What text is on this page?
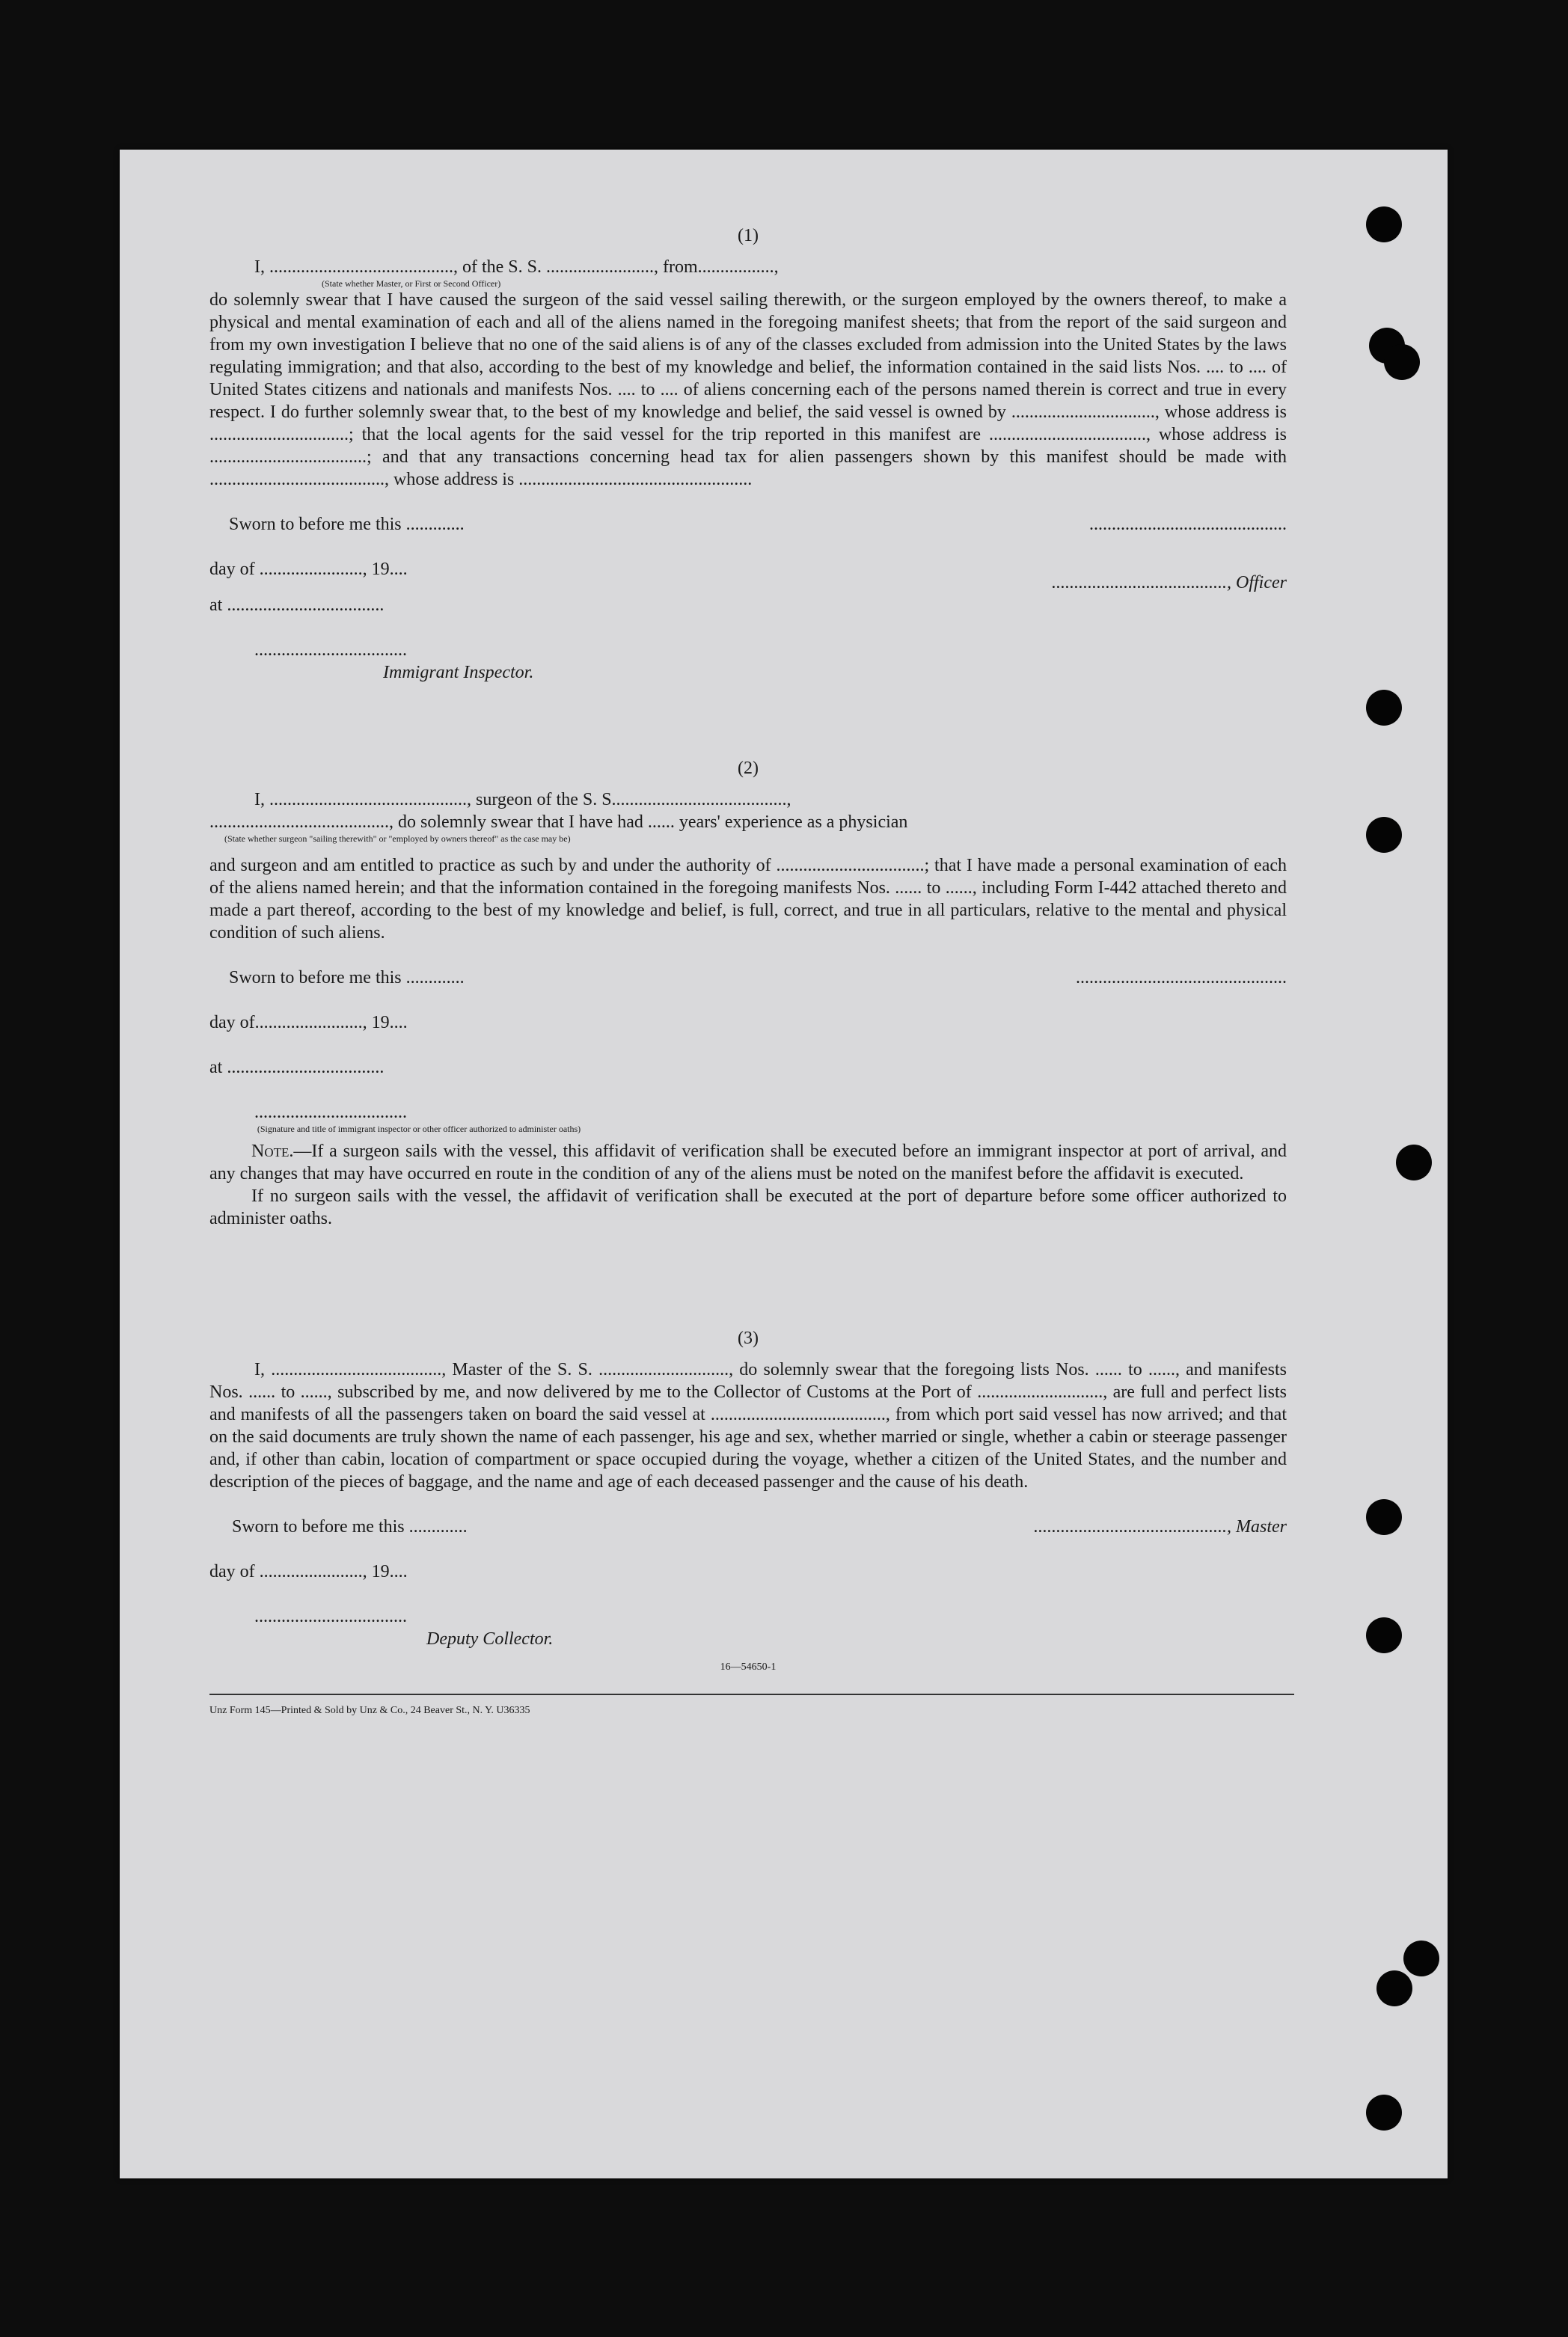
(1)
I, ........................................., of the S. S. ........................, from.................,
(State whether Master, or First or Second Officer)

do solemnly swear that I have caused the surgeon of the said vessel sailing therewith, or the surgeon employed by the owners thereof, to make a physical and mental examination of each and all of the aliens named in the foregoing manifest sheets; that from the report of the said surgeon and from my own investigation I believe that no one of the said aliens is of any of the classes excluded from admission into the United States by the laws regulating immigration; and that also, according to the best of my knowledge and belief, the information contained in the said lists Nos. .... to .... of United States citizens and nationals and manifests Nos. .... to .... of aliens concerning each of the persons named therein is correct and true in every respect. I do further solemnly swear that, to the best of my knowledge and belief, the said vessel is owned by ................................, whose address is ...............................; that the local agents for the said vessel for the trip reported in this manifest are ..................................., whose address is ...................................; and that any transactions concerning head tax for alien passengers shown by this manifest should be made with ......................................., whose address is ....................................................

Sworn to before me this .............	............................................
day of ......................., 19....
......................................., Officer
at ...................................
..................................
Immigrant Inspector.
(2)
I, ............................................, surgeon of the S. S.......................................,
........................................, do solemnly swear that I have had ...... years' experience as a physician
(State whether surgeon "sailing therewith" or "employed by owners thereof" as the case may be)

and surgeon and am entitled to practice as such by and under the authority of .................................; that I have made a personal examination of each of the aliens named herein; and that the information contained in the foregoing manifests Nos. ...... to ......, including Form I-442 attached thereto and made a part thereof, according to the best of my knowledge and belief, is full, correct, and true in all particulars, relative to the mental and physical condition of such aliens.

Sworn to before me this .............	...............................................
day of........................, 19....
at ...................................
..................................
(Signature and title of immigrant inspector or other officer authorized to administer oaths)

Note.—If a surgeon sails with the vessel, this affidavit of verification shall be executed before an immigrant inspector at port of arrival, and any changes that may have occurred en route in the condition of any of the aliens must be noted on the manifest before the affidavit is executed.

If no surgeon sails with the vessel, the affidavit of verification shall be executed at the port of departure before some officer authorized to administer oaths.

(3)

I, ......................................, Master of the S. S. ............................., do solemnly swear that the foregoing lists Nos. ...... to ......, and manifests Nos. ...... to ......, subscribed by me, and now delivered by me to the Collector of Customs at the Port of ............................, are full and perfect lists and manifests of all the passengers taken on board the said vessel at ......................................., from which port said vessel has now arrived; and that on the said documents are truly shown the name of each passenger, his age and sex, whether married or single, whether a cabin or steerage passenger and, if other than cabin, location of compartment or space occupied during the voyage, whether a citizen of the United States, and the number and description of the pieces of baggage, and the name and age of each deceased passenger and the cause of his death.

Sworn to before me this .............	..........................................., Master
day of ......................., 19....
..................................
Deputy Collector.
16—54650-1
Unz Form 145—Printed & Sold by Unz & Co., 24 Beaver St., N. Y. U36335
